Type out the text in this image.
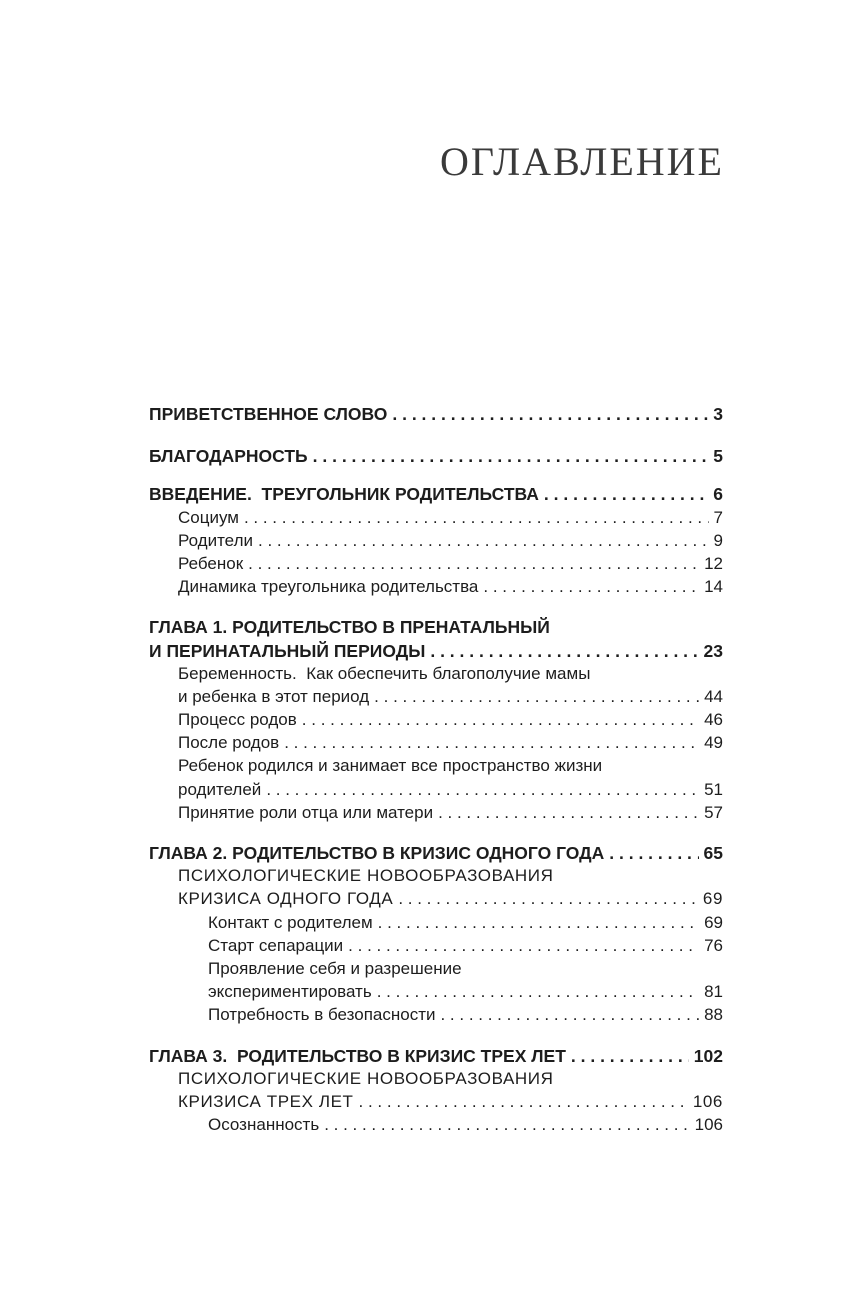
ОГЛАВЛЕНИЕ
ПРИВЕТСТВЕННОЕ СЛОВО . . .	3
БЛАГОДАРНОСТЬ . . .	5
ВВЕДЕНИЕ.  ТРЕУГОЛЬНИК РОДИТЕЛЬСТВА . . .	6
Социум . . .	7
Родители . . .	9
Ребенок . . .	12
Динамика треугольника родительства . . .	14
ГЛАВА 1. РОДИТЕЛЬСТВО В ПРЕНАТАЛЬНЫЙ
И ПЕРИНАТАЛЬНЫЙ ПЕРИОДЫ . . .	23
Беременность.  Как обеспечить благополучие мамы
и ребенка в этот период . . .	44
Процесс родов . . .	46
После родов . . .	49
Ребенок родился и занимает все пространство жизни
родителей . . .	51
Принятие роли отца или матери . . .	57
ГЛАВА 2. РОДИТЕЛЬСТВО В КРИЗИС ОДНОГО ГОДА . . .	65
ПСИХОЛОГИЧЕСКИЕ НОВООБРАЗОВАНИЯ
КРИЗИСА ОДНОГО ГОДА . . .	69
Контакт с родителем . . .	69
Старт сепарации . . .	76
Проявление себя и разрешение
экспериментировать . . .	81
Потребность в безопасности . . .	88
ГЛАВА 3.  РОДИТЕЛЬСТВО В КРИЗИС ТРЕХ ЛЕТ . . .	102
ПСИХОЛОГИЧЕСКИЕ НОВООБРАЗОВАНИЯ
КРИЗИСА ТРЕХ ЛЕТ . . .	106
Осознанность . . .	106
